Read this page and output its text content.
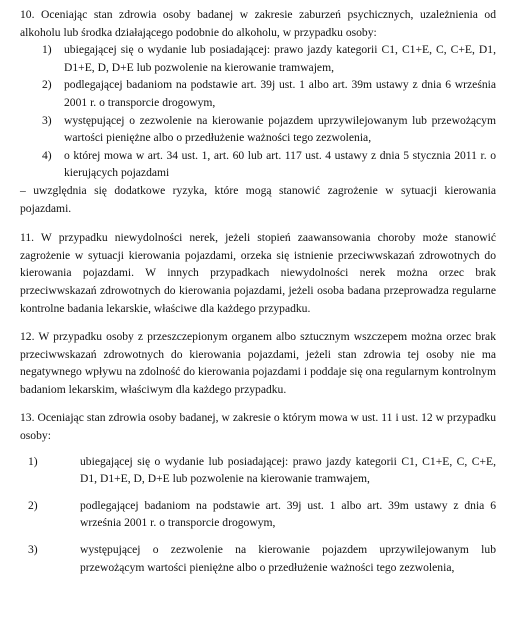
10. Oceniając stan zdrowia osoby badanej w zakresie zaburzeń psychicznych, uzależnienia od alkoholu lub środka działającego podobnie do alkoholu, w przypadku osoby:

1) ubiegającej się o wydanie lub posiadającej: prawo jazdy kategorii C1, C1+E, C, C+E, D1, D1+E, D, D+E lub pozwolenie na kierowanie tramwajem,
2) podlegającej badaniom na podstawie art. 39j ust. 1 albo art. 39m ustawy z dnia 6 września 2001 r. o transporcie drogowym,
3) występującej o zezwolenie na kierowanie pojazdem uprzywilejowanym lub przewożącym wartości pieniężne albo o przedłużenie ważności tego zezwolenia,
4) o której mowa w art. 34 ust. 1, art. 60 lub art. 117 ust. 4 ustawy z dnia 5 stycznia 2011 r. o kierujących pojazdami

– uwzględnia się dodatkowe ryzyka, które mogą stanowić zagrożenie w sytuacji kierowania pojazdami.

11. W przypadku niewydolności nerek, jeżeli stopień zaawansowania choroby może stanowić zagrożenie w sytuacji kierowania pojazdami, orzeka się istnienie przeciwwskazań zdrowotnych do kierowania pojazdami. W innych przypadkach niewydolności nerek można orzec brak przeciwwskazań zdrowotnych do kierowania pojazdami, jeżeli osoba badana przeprowadza regularne kontrolne badania lekarskie, właściwe dla każdego przypadku.

12. W przypadku osoby z przeszczepionym organem albo sztucznym wszczepem można orzec brak przeciwwskazań zdrowotnych do kierowania pojazdami, jeżeli stan zdrowia tej osoby nie ma negatywnego wpływu na zdolność do kierowania pojazdami i poddaje się ona regularnym kontrolnym badaniom lekarskim, właściwym dla każdego przypadku.

13. Oceniając stan zdrowia osoby badanej, w zakresie o którym mowa w ust. 11 i ust. 12 w przypadku osoby:

1)	ubiegającej się o wydanie lub posiadającej: prawo jazdy kategorii C1, C1+E, C, C+E, D1, D1+E, D, D+E lub pozwolenie na kierowanie tramwajem,
2)	podlegającej badaniom na podstawie art. 39j ust. 1 albo art. 39m ustawy z dnia 6 września 2001 r. o transporcie drogowym,
3)	występującej o zezwolenie na kierowanie pojazdem uprzywilejowanym lub przewożącym wartości pieniężne albo o przedłużenie ważności tego zezwolenia,
